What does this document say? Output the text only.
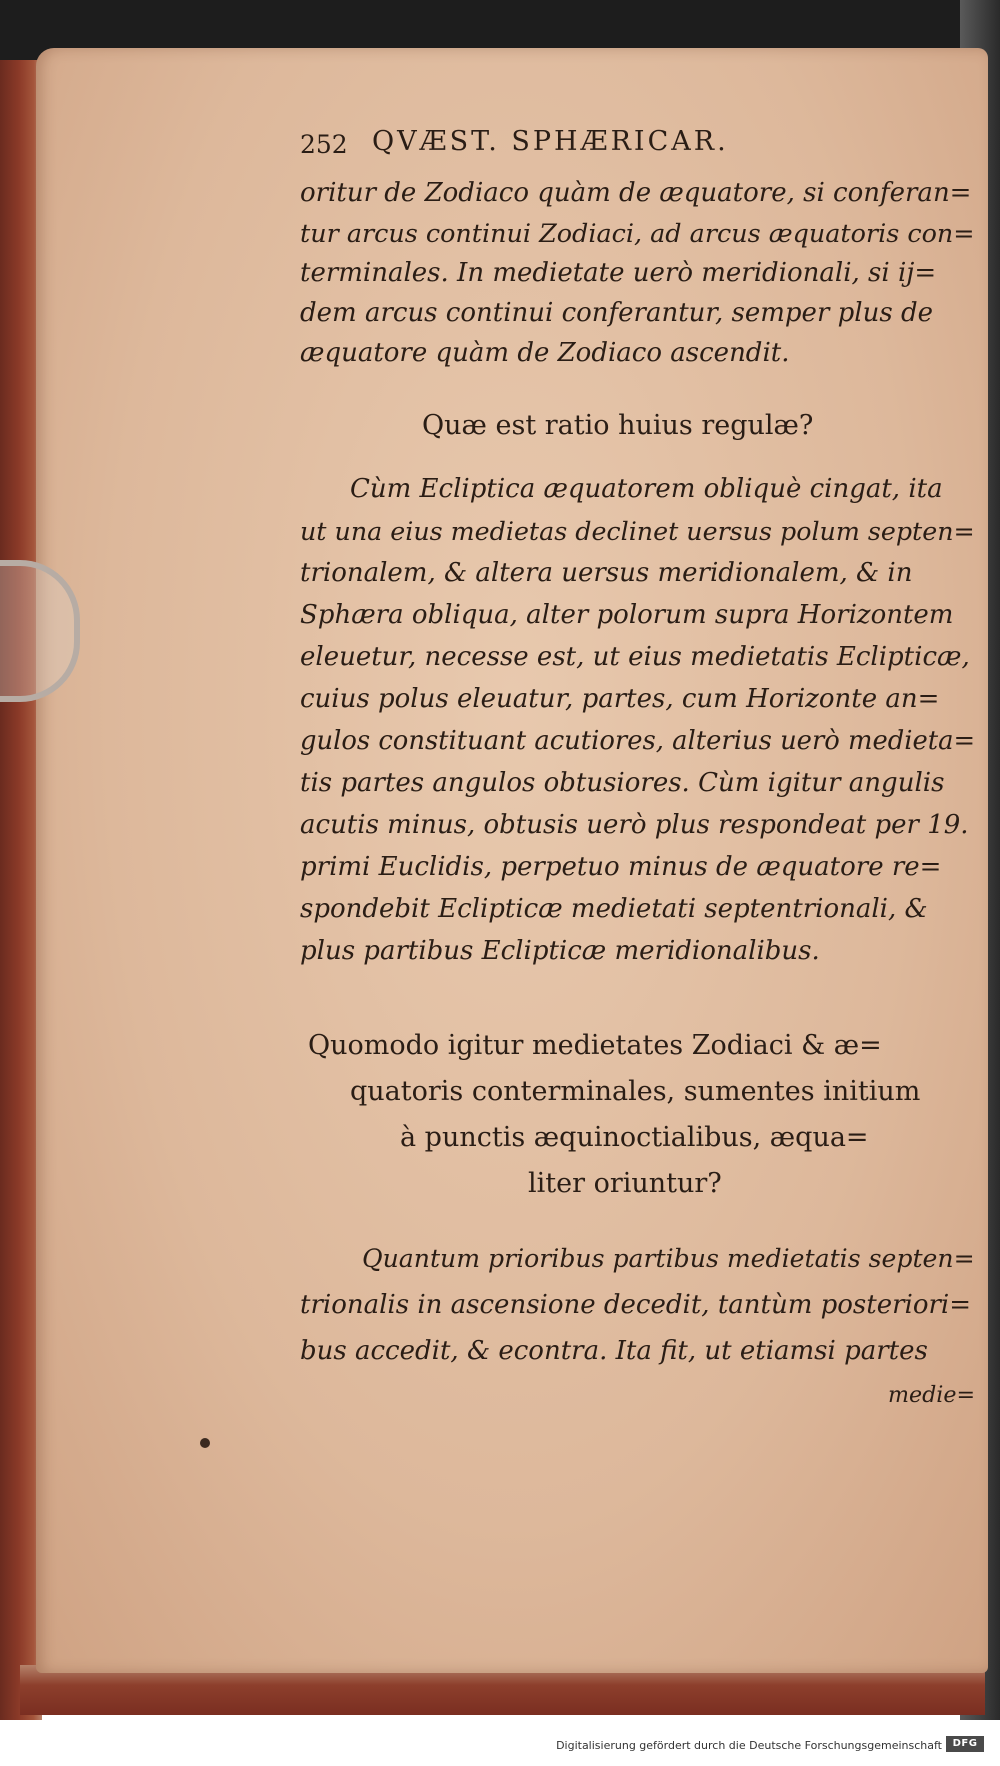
252 QVÆST. SPHÆRICAR.
oritur de Zodiaco quàm de æquatore, si conferan=
tur arcus continui Zodiaci, ad arcus æquatoris con=
terminales. In medietate uerò meridionali, si ij=
dem arcus continui conferantur, semper plus de
æquatore quàm de Zodiaco ascendit.
Quæ est ratio huius regulæ?
Cùm Ecliptica æquatorem obliquè cingat, ita
ut una eius medietas declinet uersus polum septen=
trionalem, & altera uersus meridionalem, & in
Sphæra obliqua, alter polorum supra Horizontem
eleuetur, necesse est, ut eius medietatis Eclipticæ,
cuius polus eleuatur, partes, cum Horizonte an=
gulos constituant acutiores, alterius uerò medieta=
tis partes angulos obtusiores. Cùm igitur angulis
acutis minus, obtusis uerò plus respondeat per 19.
primi Euclidis, perpetuo minus de æquatore re=
spondebit Eclipticæ medietati septentrionali, &
plus partibus Eclipticæ meridionalibus.
Quomodo igitur medietates Zodiaci & æ=
quatoris conterminales, sumentes initium
à punctis æquinoctialibus, æqua=
liter oriuntur?
Quantum prioribus partibus medietatis septen=
trionalis in ascensione decedit, tantùm posteriori=
bus accedit, & econtra. Ita fit, ut etiamsi partes
medie=
Digitalisierung gefördert durch die Deutsche Forschungsgemeinschaft	DFG
